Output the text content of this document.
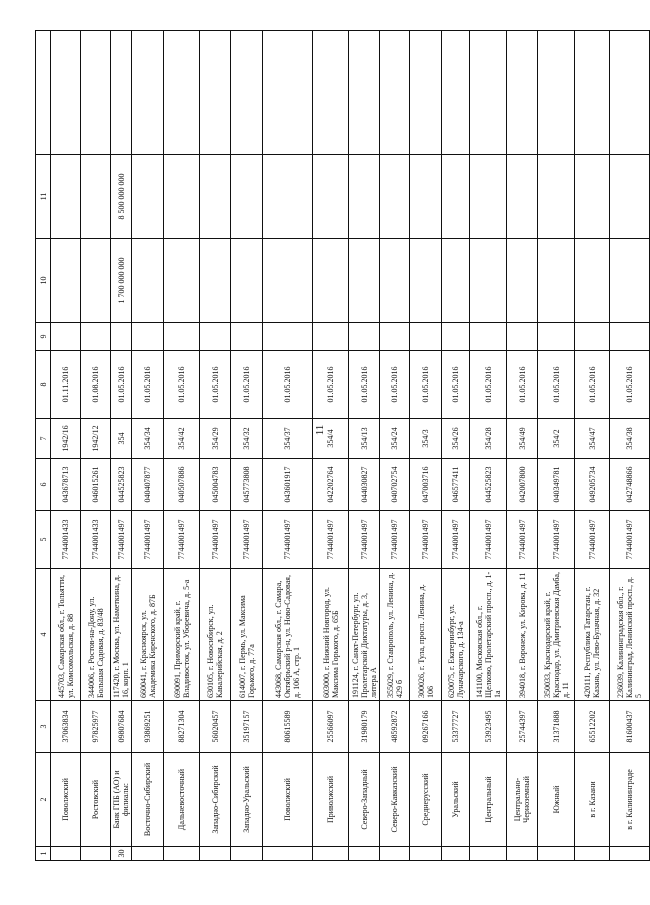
11
1	2	3	4	5	6	7	8	9	10	11	
	Поволжский	37063834	445703, Самарская обл., г. Тольятти, ул. Комсомольская, д. 88	7744001433	043678713	1942/16	01.11.2016				
	Ростовский	97825977	344006, г. Ростов-на-Дону, ул. Большая Садовая, д. 83/48	7744001433	046015261	1942/12	01.08.2016				
30	Банк ГПБ (АО) и филиалы:	09807684	117420, г. Москва, ул. Наметкина, д. 16, корп. 1	7744001497	044525823	354	01.05.2016		1 700 000 000	8 500 000 000	
	Восточно-Сибирский	93869251	660041, г. Красноярск, ул. Академика Киренского, д. 87Б	7744001497	040407877	354/34	01.05.2016				
	Дальневосточный	88271304	690091, Приморский край, г. Владивосток, ул. Уборевича, д. 5-а	7744001497	040507886	354/42	01.05.2016				
	Западно-Сибирский	56020457	630105, г. Новосибирск, ул. Кавалерийская, д. 2	7744001497	045004783	354/29	01.05.2016				
	Западно-Уральский	35197157	614007, г. Пермь, ул. Максима Горького, д. 77а	7744001497	045773808	354/32	01.05.2016				
	Поволжский	80615589	443068, Самарская обл., г. Самара, Октябрьский р-н, ул. Ново-Садовая, д. 106 А, стр. 1	7744001497	043601917	354/37	01.05.2016				
	Приволжский	25566097	603000, г. Нижний Новгород, ул. Максима Горького, д. 65Б	7744001497	042202764	354/4	01.05.2016				
	Северо-Западный	31980179	191124, г. Санкт-Петербург, ул. Пролетарской Диктатуры, д. 3, литера А	7744001497	044030827	354/13	01.05.2016				
	Северо-Кавказский	48592872	355029, г. Ставрополь, ул. Ленина, д. 429 б	7744001497	040702754	354/24	01.05.2016				
	Среднерусский	09267166	300026, г. Тула, просп. Ленина, д. 106	7744001497	047003716	354/3	01.05.2016				
	Уральский	53377727	620075, г. Екатеринбург, ул. Луначарского, д. 134-а	7744001497	046577411	354/26	01.05.2016				
	Центральный	53923495	141100, Московская обл., г. Щелково, Пролетарский просп., д. 1-1а	7744001497	044525823	354/28	01.05.2016				
	Центрально-Черноземный	25744397	394018, г. Воронеж, ул. Кирова, д. 11	7744001497	042007800	354/49	01.05.2016				
	Южный	31371888	350033, Краснодарский край, г. Краснодар, ул. Дмитриевская Дамба, д. 11	7744001497	040349781	354/2	01.05.2016				
	в г. Казани	65512202	420111, Республика Татарстан, г. Казань, ул. Лево-Булачная, д. 32	7744001497	049205734	354/47	01.05.2016				
	в г. Калининграде	81600437	236039, Калининградская обл., г. Калининград, Ленинский просп., д. 5	7744001497	042748866	354/38	01.05.2016				
